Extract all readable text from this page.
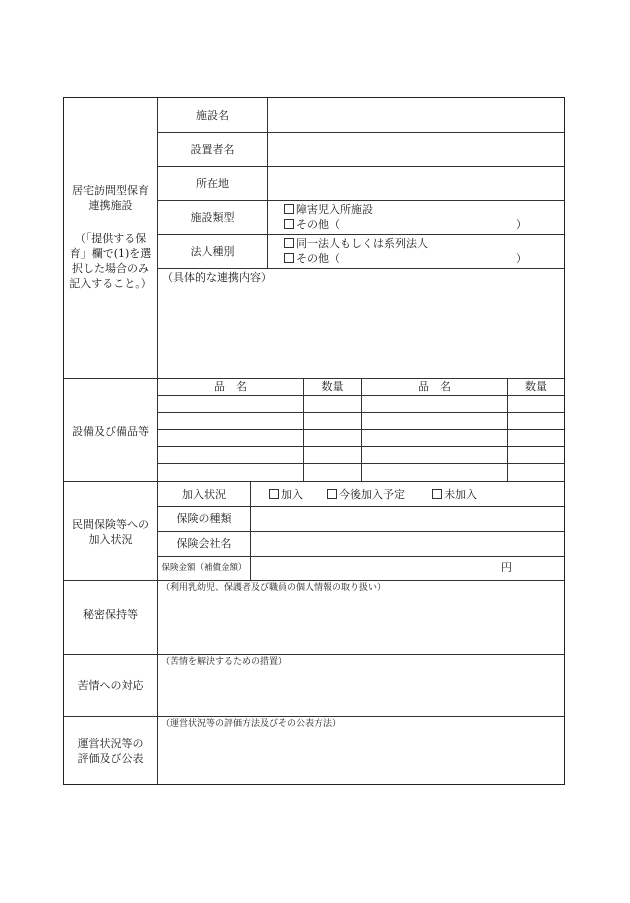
居宅訪問型保育
連携施設
（「提供する保
育」欄で(1)を選
択した場合のみ
記入すること。）
施設名
設置者名
所在地
施設類型
障害児入所施設
その他（	）
法人種別
同一法人もしくは系列法人
その他（	）
（具体的な連携内容）
設備及び備品等
品　名	数量	品　名	数量
民間保険等への
加入状況
加入状況	加入	今後加入予定	未加入
保険の種類
保険会社名
保険金額（補償金額）	円
秘密保持等
（利用乳幼児、保護者及び職員の個人情報の取り扱い）
苦情への対応
（苦情を解決するための措置）
運営状況等の
評価及び公表
（運営状況等の評価方法及びその公表方法）
